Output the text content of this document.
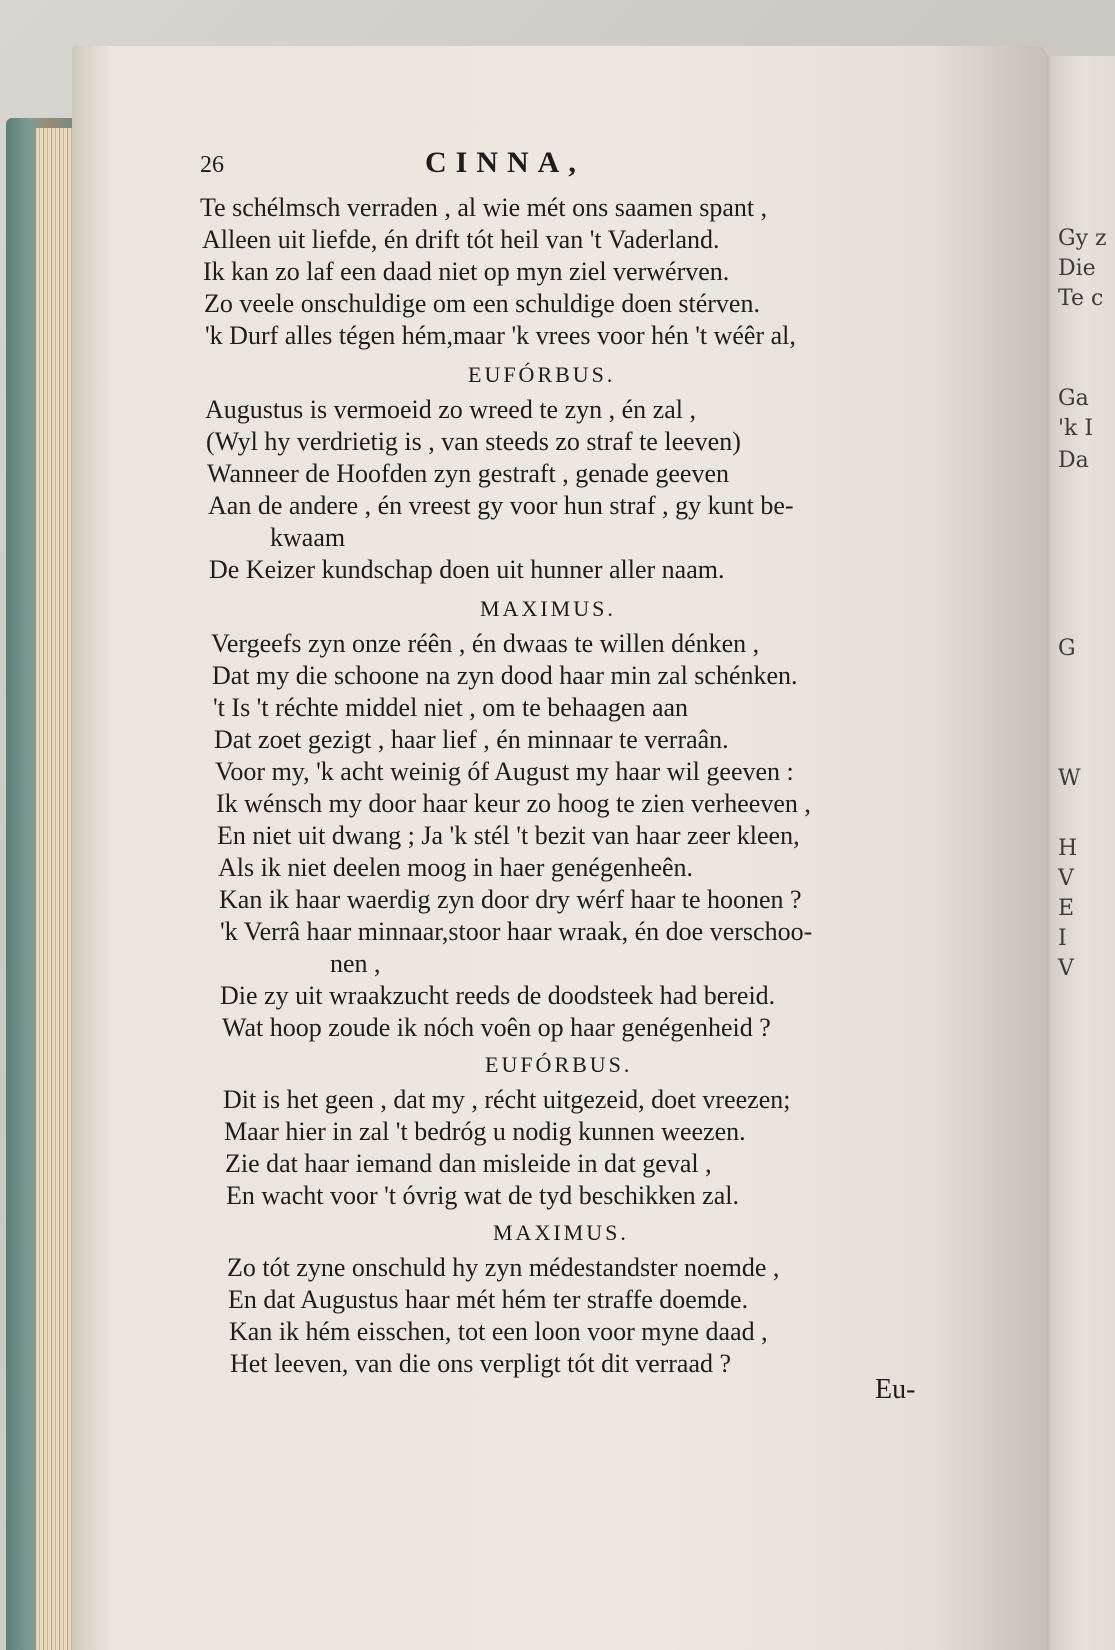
Gy z
Die
Te c
Ga
'k I
Da
G
W
H
V
E
I
V
26	CINNA,
Te schélmsch verraden , al wie mét ons saamen spant ,
Alleen uit liefde, én drift tót heil van 't Vaderland.
Ik kan zo laf een daad niet op myn ziel verwérven.
Zo veele onschuldige om een schuldige doen stérven.
'k Durf alles tégen hém,maar 'k vrees voor hén 't wéêr al,
EUFÓRBUS.
Augustus is vermoeid zo wreed te zyn , én zal ,
(Wyl hy verdrietig is , van steeds zo straf te leeven)
Wanneer de Hoofden zyn gestraft , genade geeven
Aan de andere , én vreest gy voor hun straf , gy kunt be-
kwaam
De Keizer kundschap doen uit hunner aller naam.
MAXIMUS.
Vergeefs zyn onze réên , én dwaas te willen dénken ,
Dat my die schoone na zyn dood haar min zal schénken.
't Is 't réchte middel niet , om te behaagen aan
Dat zoet gezigt , haar lief , én minnaar te verraân.
Voor my, 'k acht weinig óf August my haar wil geeven :
Ik wénsch my door haar keur zo hoog te zien verheeven ,
En niet uit dwang ; Ja 'k stél 't bezit van haar zeer kleen,
Als ik niet deelen moog in haer genégenheên.
Kan ik haar waerdig zyn door dry wérf haar te hoonen ?
'k Verrâ haar minnaar,stoor haar wraak, én doe verschoo-
nen ,
Die zy uit wraakzucht reeds de doodsteek had bereid.
Wat hoop zoude ik nóch voên op haar genégenheid ?
EUFÓRBUS.
Dit is het geen , dat my , récht uitgezeid, doet vreezen;
Maar hier in zal 't bedróg u nodig kunnen weezen.
Zie dat haar iemand dan misleide in dat geval ,
En wacht voor 't óvrig wat de tyd beschikken zal.
MAXIMUS.
Zo tót zyne onschuld hy zyn médestandster noemde ,
En dat Augustus haar mét hém ter straffe doemde.
Kan ik hém eisschen, tot een loon voor myne daad ,
Het leeven, van die ons verpligt tót dit verraad ?
Eu-
